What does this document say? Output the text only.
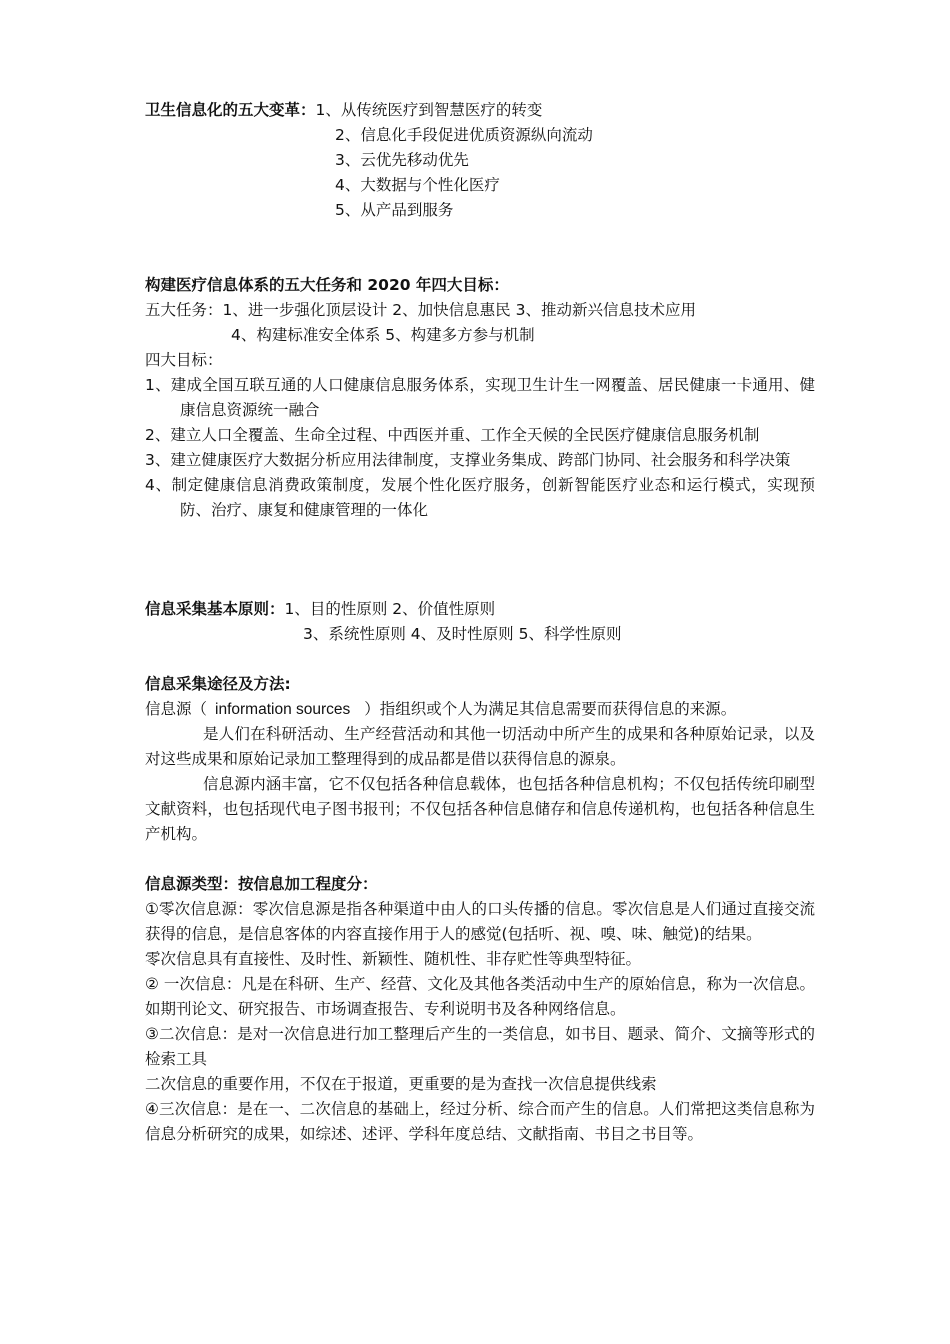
卫生信息化的五大变革：1、从传统医疗到智慧医疗的转变
2、信息化手段促进优质资源纵向流动
3、云优先移动优先
4、大数据与个性化医疗
5、从产品到服务
构建医疗信息体系的五大任务和 2020 年四大目标：
五大任务：1、进一步强化顶层设计 2、加快信息惠民 3、推动新兴信息技术应用
4、构建标准安全体系 5、构建多方参与机制
四大目标：
1、建成全国互联互通的人口健康信息服务体系，实现卫生计生一网覆盖、居民健康一卡通用、健康信息资源统一融合
2、建立人口全覆盖、生命全过程、中西医并重、工作全天候的全民医疗健康信息服务机制
3、建立健康医疗大数据分析应用法律制度，支撑业务集成、跨部门协同、社会服务和科学决策
4、制定健康信息消费政策制度，发展个性化医疗服务，创新智能医疗业态和运行模式，实现预防、治疗、康复和健康管理的一体化
信息采集基本原则：1、目的性原则 2、价值性原则
3、系统性原则 4、及时性原则 5、科学性原则
信息采集途径及方法:
信息源（ information sources ）指组织或个人为满足其信息需要而获得信息的来源。
是人们在科研活动、生产经营活动和其他一切活动中所产生的成果和各种原始记录，以及对这些成果和原始记录加工整理得到的成品都是借以获得信息的源泉。
信息源内涵丰富，它不仅包括各种信息载体，也包括各种信息机构；不仅包括传统印刷型文献资料，也包括现代电子图书报刊；不仅包括各种信息储存和信息传递机构，也包括各种信息生产机构。
信息源类型：按信息加工程度分：
①零次信息源：零次信息源是指各种渠道中由人的口头传播的信息。零次信息是人们通过直接交流获得的信息，是信息客体的内容直接作用于人的感觉(包括听、视、嗅、味、触觉)的结果。
零次信息具有直接性、及时性、新颖性、随机性、非存贮性等典型特征。
② 一次信息：凡是在科研、生产、经营、文化及其他各类活动中生产的原始信息，称为一次信息。如期刊论文、研究报告、市场调查报告、专利说明书及各种网络信息。
③二次信息：是对一次信息进行加工整理后产生的一类信息，如书目、题录、简介、文摘等形式的检索工具
二次信息的重要作用，不仅在于报道，更重要的是为查找一次信息提供线索
④三次信息：是在一、二次信息的基础上，经过分析、综合而产生的信息。人们常把这类信息称为信息分析研究的成果，如综述、述评、学科年度总结、文献指南、书目之书目等。
